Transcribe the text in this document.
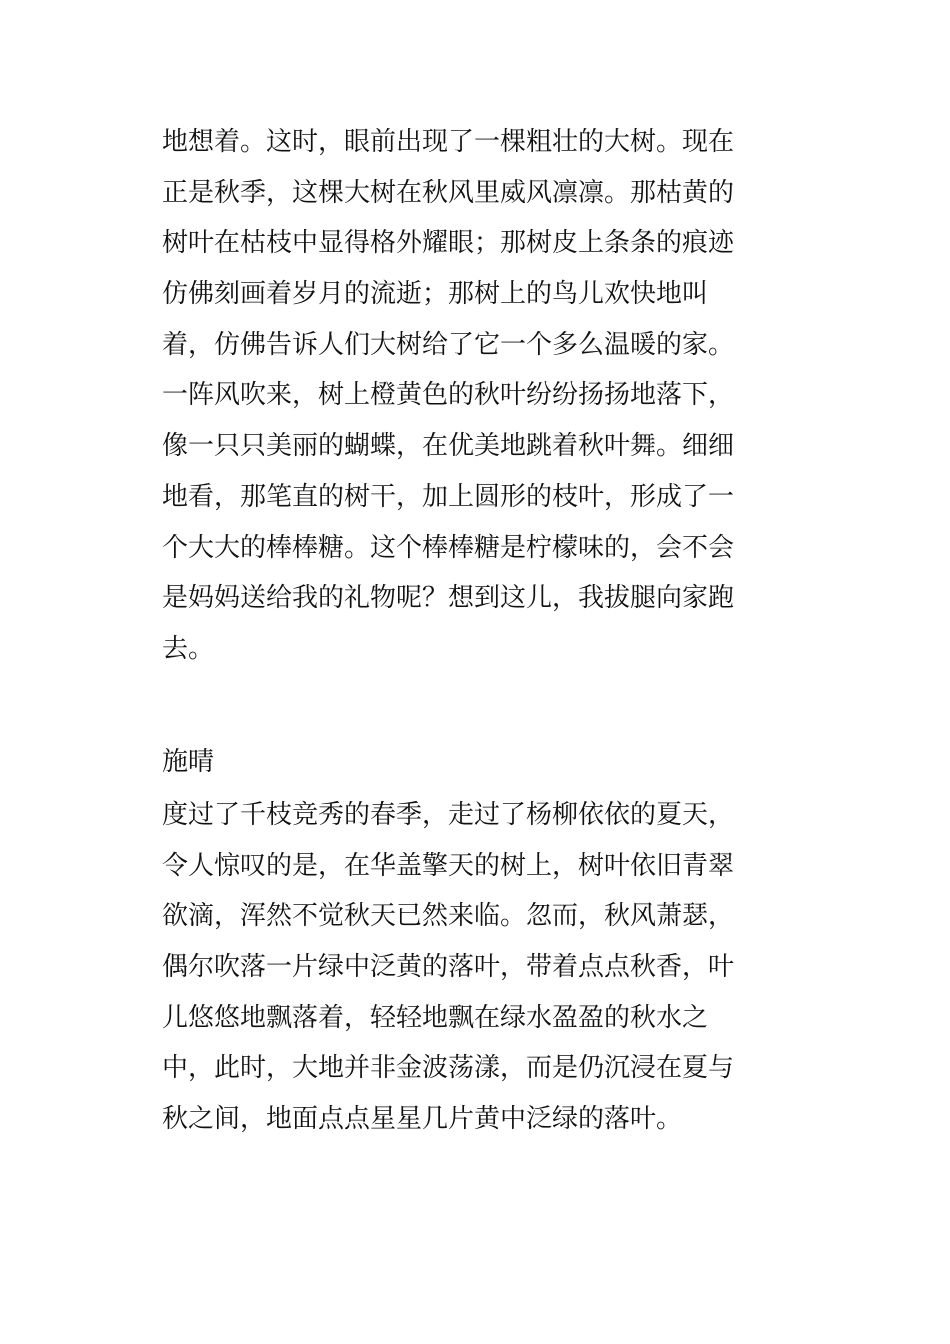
地想着。这时，眼前出现了一棵粗壮的大树。现在
正是秋季，这棵大树在秋风里威风凛凛。那枯黄的
树叶在枯枝中显得格外耀眼；那树皮上条条的痕迹
仿佛刻画着岁月的流逝；那树上的鸟儿欢快地叫
着，仿佛告诉人们大树给了它一个多么温暖的家。
一阵风吹来，树上橙黄色的秋叶纷纷扬扬地落下，
像一只只美丽的蝴蝶，在优美地跳着秋叶舞。细细
地看，那笔直的树干，加上圆形的枝叶，形成了一
个大大的棒棒糖。这个棒棒糖是柠檬味的，会不会
是妈妈送给我的礼物呢？想到这儿，我拔腿向家跑
去。
施晴
度过了千枝竞秀的春季，走过了杨柳依依的夏天，
令人惊叹的是，在华盖擎天的树上，树叶依旧青翠
欲滴，浑然不觉秋天已然来临。忽而，秋风萧瑟，
偶尔吹落一片绿中泛黄的落叶，带着点点秋香，叶
儿悠悠地飘落着，轻轻地飘在绿水盈盈的秋水之
中，此时，大地并非金波荡漾，而是仍沉浸在夏与
秋之间，地面点点星星几片黄中泛绿的落叶。
